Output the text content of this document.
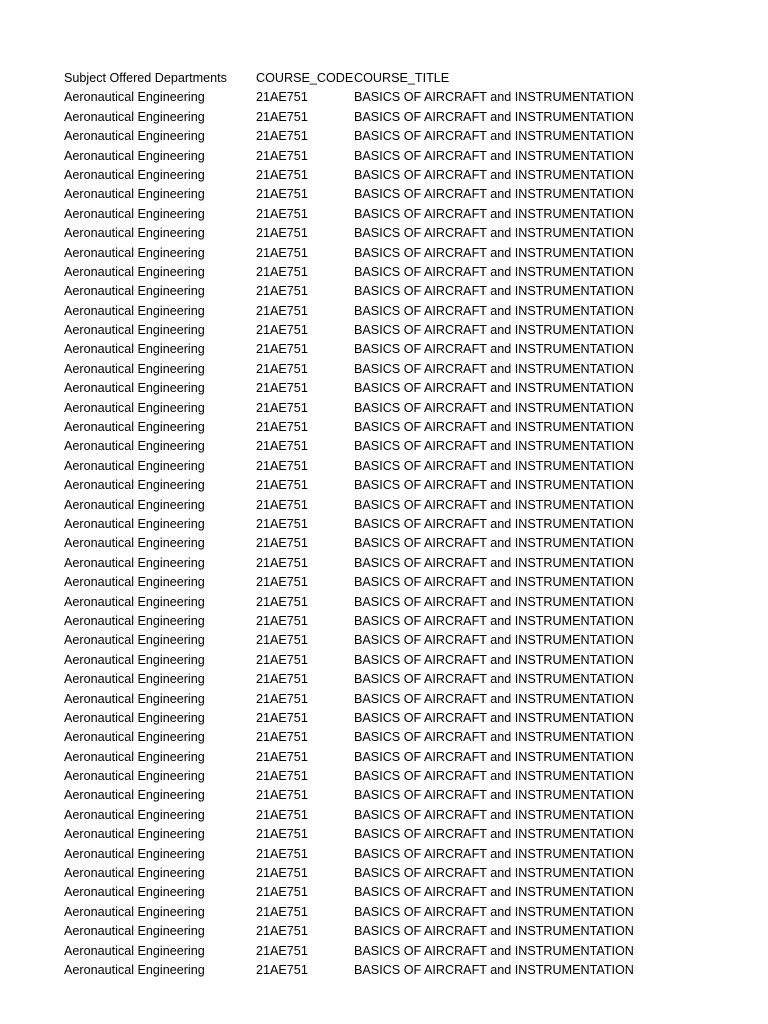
Subject Offered Departments	COURSE_CODE COURSE_TITLE
Aeronautical Engineering	21AE751	BASICS OF AIRCRAFT and INSTRUMENTATION
Aeronautical Engineering	21AE751	BASICS OF AIRCRAFT and INSTRUMENTATION
Aeronautical Engineering	21AE751	BASICS OF AIRCRAFT and INSTRUMENTATION
Aeronautical Engineering	21AE751	BASICS OF AIRCRAFT and INSTRUMENTATION
Aeronautical Engineering	21AE751	BASICS OF AIRCRAFT and INSTRUMENTATION
Aeronautical Engineering	21AE751	BASICS OF AIRCRAFT and INSTRUMENTATION
Aeronautical Engineering	21AE751	BASICS OF AIRCRAFT and INSTRUMENTATION
Aeronautical Engineering	21AE751	BASICS OF AIRCRAFT and INSTRUMENTATION
Aeronautical Engineering	21AE751	BASICS OF AIRCRAFT and INSTRUMENTATION
Aeronautical Engineering	21AE751	BASICS OF AIRCRAFT and INSTRUMENTATION
Aeronautical Engineering	21AE751	BASICS OF AIRCRAFT and INSTRUMENTATION
Aeronautical Engineering	21AE751	BASICS OF AIRCRAFT and INSTRUMENTATION
Aeronautical Engineering	21AE751	BASICS OF AIRCRAFT and INSTRUMENTATION
Aeronautical Engineering	21AE751	BASICS OF AIRCRAFT and INSTRUMENTATION
Aeronautical Engineering	21AE751	BASICS OF AIRCRAFT and INSTRUMENTATION
Aeronautical Engineering	21AE751	BASICS OF AIRCRAFT and INSTRUMENTATION
Aeronautical Engineering	21AE751	BASICS OF AIRCRAFT and INSTRUMENTATION
Aeronautical Engineering	21AE751	BASICS OF AIRCRAFT and INSTRUMENTATION
Aeronautical Engineering	21AE751	BASICS OF AIRCRAFT and INSTRUMENTATION
Aeronautical Engineering	21AE751	BASICS OF AIRCRAFT and INSTRUMENTATION
Aeronautical Engineering	21AE751	BASICS OF AIRCRAFT and INSTRUMENTATION
Aeronautical Engineering	21AE751	BASICS OF AIRCRAFT and INSTRUMENTATION
Aeronautical Engineering	21AE751	BASICS OF AIRCRAFT and INSTRUMENTATION
Aeronautical Engineering	21AE751	BASICS OF AIRCRAFT and INSTRUMENTATION
Aeronautical Engineering	21AE751	BASICS OF AIRCRAFT and INSTRUMENTATION
Aeronautical Engineering	21AE751	BASICS OF AIRCRAFT and INSTRUMENTATION
Aeronautical Engineering	21AE751	BASICS OF AIRCRAFT and INSTRUMENTATION
Aeronautical Engineering	21AE751	BASICS OF AIRCRAFT and INSTRUMENTATION
Aeronautical Engineering	21AE751	BASICS OF AIRCRAFT and INSTRUMENTATION
Aeronautical Engineering	21AE751	BASICS OF AIRCRAFT and INSTRUMENTATION
Aeronautical Engineering	21AE751	BASICS OF AIRCRAFT and INSTRUMENTATION
Aeronautical Engineering	21AE751	BASICS OF AIRCRAFT and INSTRUMENTATION
Aeronautical Engineering	21AE751	BASICS OF AIRCRAFT and INSTRUMENTATION
Aeronautical Engineering	21AE751	BASICS OF AIRCRAFT and INSTRUMENTATION
Aeronautical Engineering	21AE751	BASICS OF AIRCRAFT and INSTRUMENTATION
Aeronautical Engineering	21AE751	BASICS OF AIRCRAFT and INSTRUMENTATION
Aeronautical Engineering	21AE751	BASICS OF AIRCRAFT and INSTRUMENTATION
Aeronautical Engineering	21AE751	BASICS OF AIRCRAFT and INSTRUMENTATION
Aeronautical Engineering	21AE751	BASICS OF AIRCRAFT and INSTRUMENTATION
Aeronautical Engineering	21AE751	BASICS OF AIRCRAFT and INSTRUMENTATION
Aeronautical Engineering	21AE751	BASICS OF AIRCRAFT and INSTRUMENTATION
Aeronautical Engineering	21AE751	BASICS OF AIRCRAFT and INSTRUMENTATION
Aeronautical Engineering	21AE751	BASICS OF AIRCRAFT and INSTRUMENTATION
Aeronautical Engineering	21AE751	BASICS OF AIRCRAFT and INSTRUMENTATION
Aeronautical Engineering	21AE751	BASICS OF AIRCRAFT and INSTRUMENTATION
Aeronautical Engineering	21AE751	BASICS OF AIRCRAFT and INSTRUMENTATION
